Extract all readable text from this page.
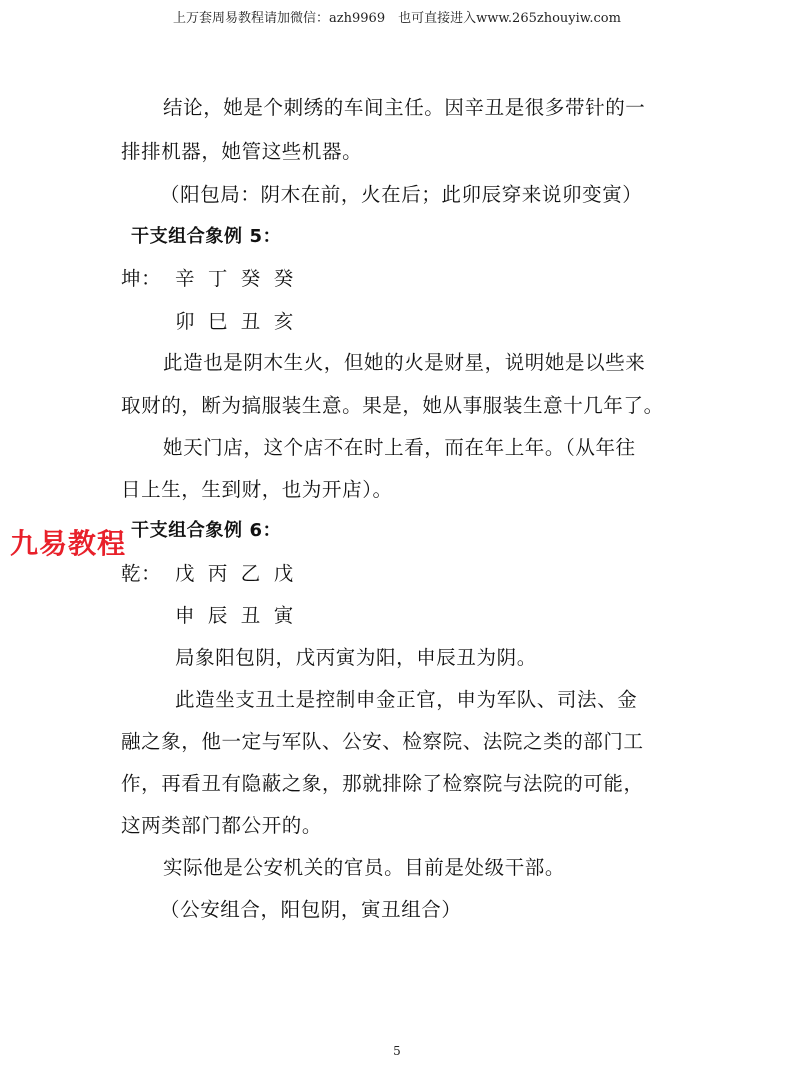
上万套周易教程请加微信：azh9969　也可直接进入www.265zhouyiw.com
结论，她是个刺绣的车间主任。因辛丑是很多带针的一
排排机器，她管这些机器。
（阳包局：阴木在前，火在后；此卯辰穿来说卯变寅）
干支组合象例 5：
坤： 辛 丁 癸 癸
卯 巳 丑 亥
此造也是阴木生火，但她的火是财星，说明她是以些来
取财的，断为搞服装生意。果是，她从事服装生意十几年了。
她天门店，这个店不在时上看，而在年上年。（从年往
日上生，生到财，也为开店）。
干支组合象例 6：
九易教程
乾： 戊 丙 乙 戊
申 辰 丑 寅
局象阳包阴，戊丙寅为阳，申辰丑为阴。
此造坐支丑土是控制申金正官，申为军队、司法、金
融之象，他一定与军队、公安、检察院、法院之类的部门工
作，再看丑有隐蔽之象，那就排除了检察院与法院的可能，
这两类部门都公开的。
实际他是公安机关的官员。目前是处级干部。
（公安组合，阳包阴，寅丑组合）
5
